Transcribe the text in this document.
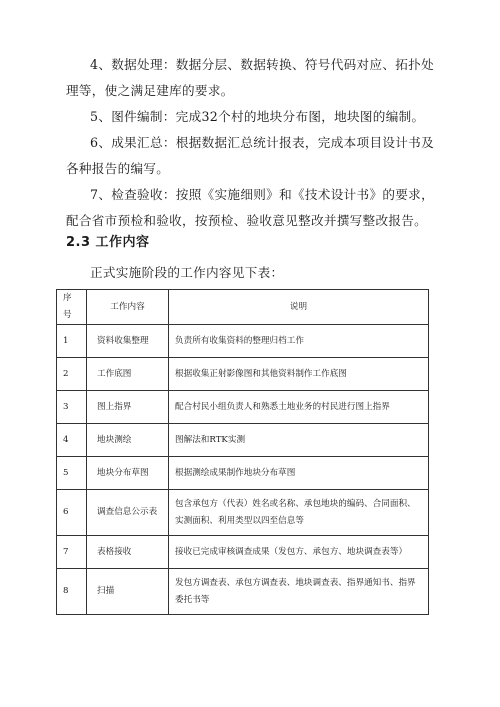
4、数据处理：数据分层、数据转换、符号代码对应、拓扑处理等，使之满足建库的要求。

5、图件编制：完成32个村的地块分布图，地块图的编制。

6、成果汇总：根据数据汇总统计报表，完成本项目设计书及各种报告的编写。

7、检查验收：按照《实施细则》和《技术设计书》的要求，配合省市预检和验收，按预检、验收意见整改并撰写整改报告。

2.3 工作内容
正式实施阶段的工作内容见下表：
序号	工作内容	说明
1	资料收集整理	负责所有收集资料的整理归档工作
2	工作底图	根据收集正射影像图和其他资料制作工作底图
3	图上指界	配合村民小组负责人和熟悉土地业务的村民进行图上指界
4	地块测绘	图解法和RTK实测
5	地块分布草图	根据测绘成果制作地块分布草图
6	调查信息公示表	包含承包方（代表）姓名或名称、承包地块的编码、合同面积、实测面积、利用类型以四至信息等
7	表格接收	接收已完成审核调查成果（发包方、承包方、地块调查表等）
8	扫描	发包方调查表、承包方调查表、地块调查表、指界通知书、指界委托书等
